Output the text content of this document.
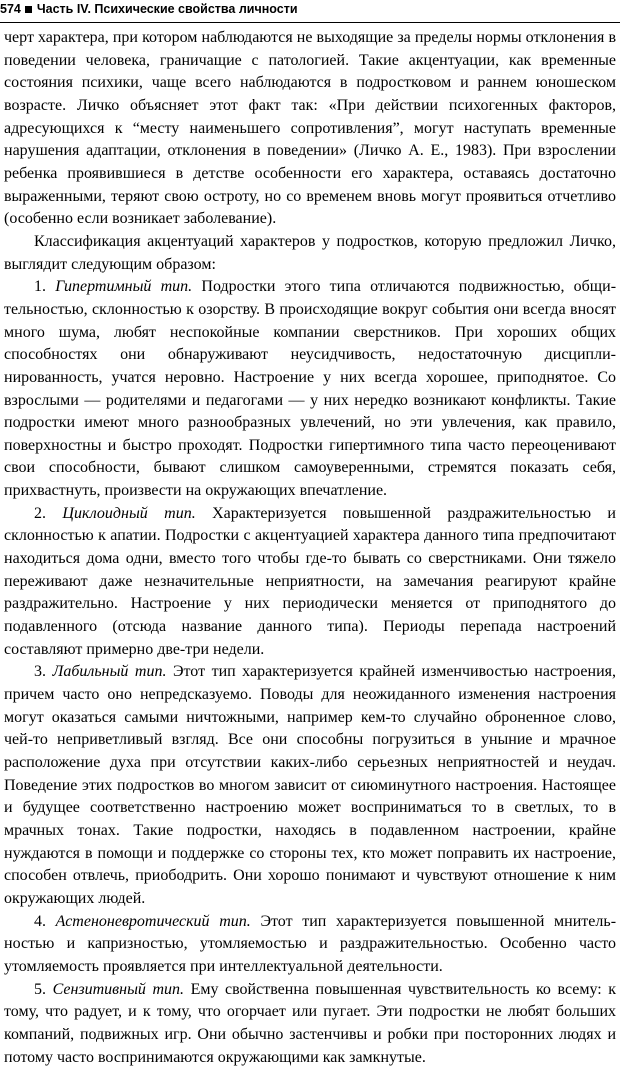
574 Часть IV. Психические свойства личности

черт характера, при котором наблюдаются не выходящие за пределы нормы отклонения в поведении человека, граничащие с патологией. Такие акцентуации, как временные состояния психики, чаще всего наблюдаются в подростковом и раннем юношеском возрасте. Личко объясняет этот факт так: «При действии психогенных факторов, адресующихся к “месту наименьшего сопротивления”, могут наступать временные нарушения адаптации, отклонения в поведении» (Личко А. Е., 1983). При взрослении ребенка проявившиеся в детстве особенности его характера, оставаясь достаточно выраженными, теряют свою остроту, но со временем вновь могут проявиться отчетливо (особенно если возникает заболевание).

Классификация акцентуаций характеров у подростков, которую предложил Личко, выглядит следующим образом:

1. Гипертимный тип. Подростки этого типа отличаются подвижностью, общительностью, склонностью к озорству. В происходящие вокруг события они всегда вносят много шума, любят неспокойные компании сверстников. При хороших общих способностях они обнаруживают неусидчивость, недостаточную дисциплинированность, учатся неровно. Настроение у них всегда хорошее, приподнятое. Со взрослыми — родителями и педагогами — у них нередко возникают конфликты. Такие подростки имеют много разнообразных увлечений, но эти увлечения, как правило, поверхностны и быстро проходят. Подростки гипертимного типа часто переоценивают свои способности, бывают слишком самоуверенными, стремятся показать себя, прихвастнуть, произвести на окружающих впечатление.

2. Циклоидный тип. Характеризуется повышенной раздражительностью и склонностью к апатии. Подростки с акцентуацией характера данного типа предпочитают находиться дома одни, вместо того чтобы где-то бывать со сверстниками. Они тяжело переживают даже незначительные неприятности, на замечания реагируют крайне раздражительно. Настроение у них периодически меняется от приподнятого до подавленного (отсюда название данного типа). Периоды перепада настроений составляют примерно две-три недели.

3. Лабильный тип. Этот тип характеризуется крайней изменчивостью настроения, причем часто оно непредсказуемо. Поводы для неожиданного изменения настроения могут оказаться самыми ничтожными, например кем-то случайно оброненное слово, чей-то неприветливый взгляд. Все они способны погрузиться в уныние и мрачное расположение духа при отсутствии каких-либо серьезных неприятностей и неудач. Поведение этих подростков во многом зависит от сиюминутного настроения. Настоящее и будущее соответственно настроению может восприниматься то в светлых, то в мрачных тонах. Такие подростки, находясь в подавленном настроении, крайне нуждаются в помощи и поддержке со стороны тех, кто может поправить их настроение, способен отвлечь, приободрить. Они хорошо понимают и чувствуют отношение к ним окружающих людей.

4. Астеноневротический тип. Этот тип характеризуется повышенной мнительностью и капризностью, утомляемостью и раздражительностью. Особенно часто утомляемость проявляется при интеллектуальной деятельности.

5. Сензитивный тип. Ему свойственна повышенная чувствительность ко всему: к тому, что радует, и к тому, что огорчает или пугает. Эти подростки не любят больших компаний, подвижных игр. Они обычно застенчивы и робки при посторонних людях и потому часто воспринимаются окружающими как замкнутые.
